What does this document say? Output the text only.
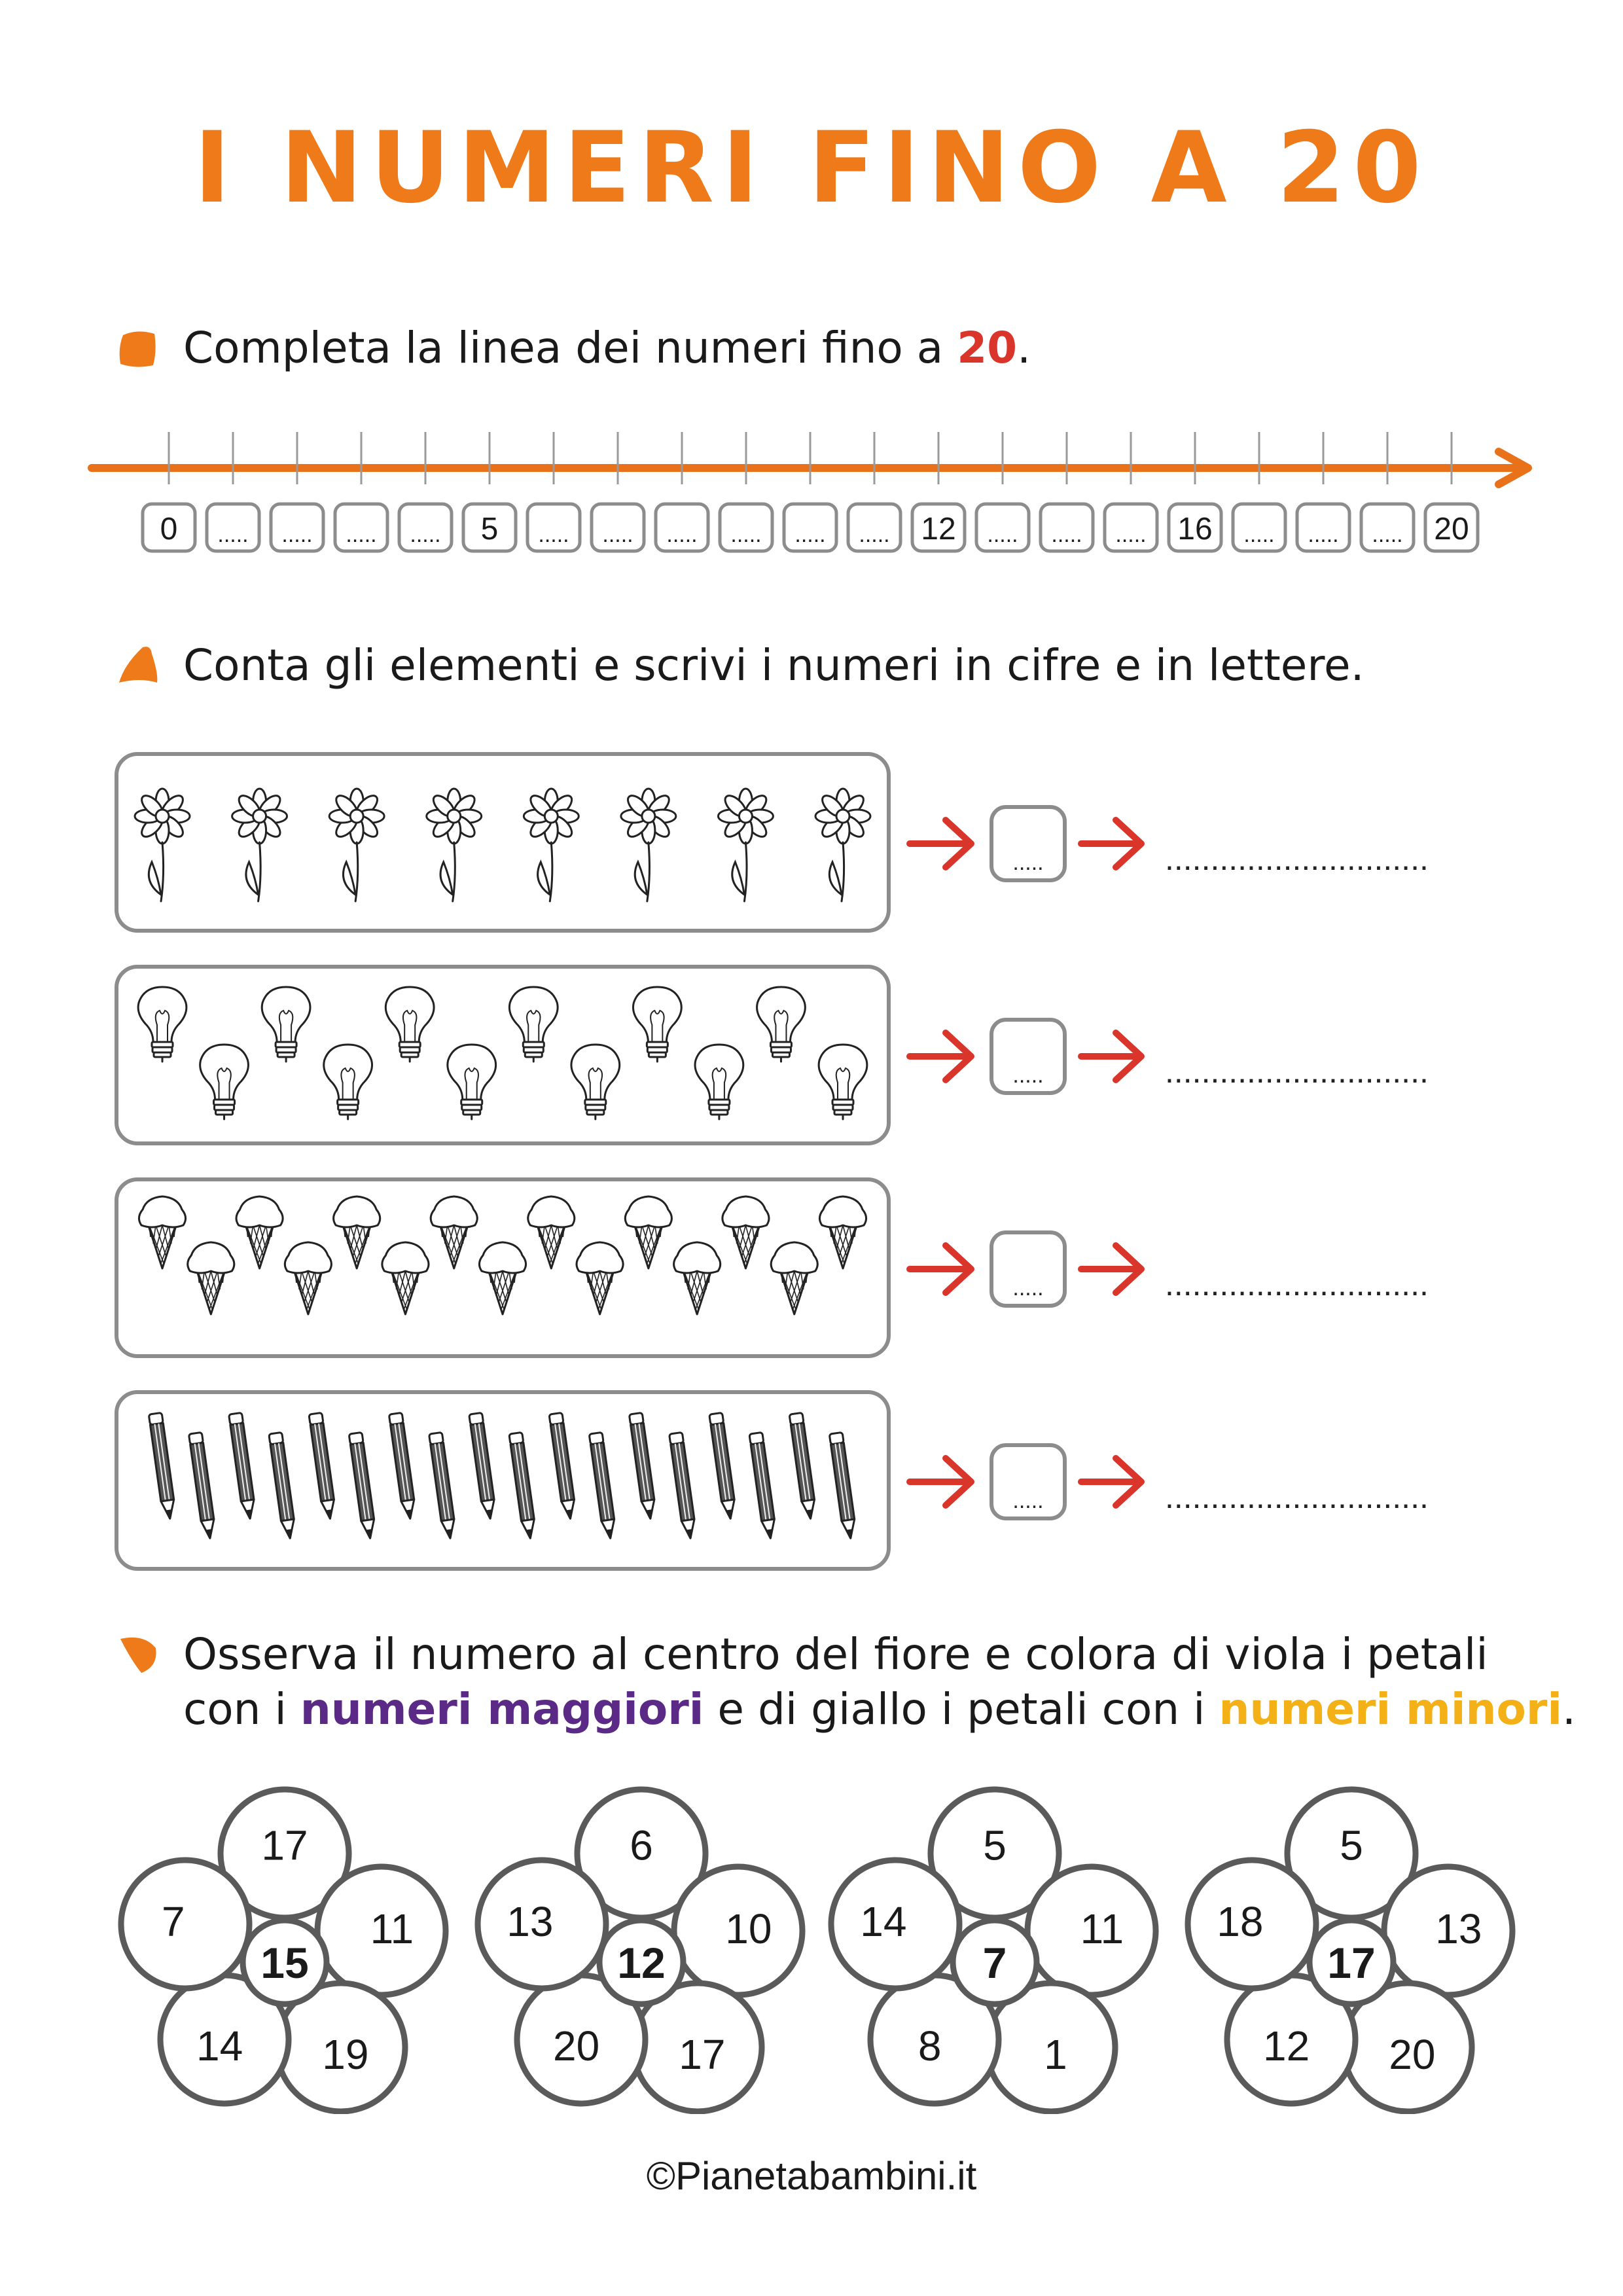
I NUMERI FINO A 20
Completa la linea dei numeri fino a 20.
0 ..... ..... ..... ..... 5 ..... ..... ..... ..... ..... ..... 12 ..... ..... ..... 16 ..... ..... ..... 20
Conta gli elementi e scrivi i numeri in cifre e in lettere.
.....	.............................
.....	.............................
.....	.............................
.....	.............................
Osserva il numero al centro del fiore e colora di viola i petali
con i numeri maggiori e di giallo i petali con i numeri minori.
17
11
19
14
7
15
6
10
17
20
13
12
5
11
1
8
14
7
5
13
20
12
18
17
©Pianetabambini.it
